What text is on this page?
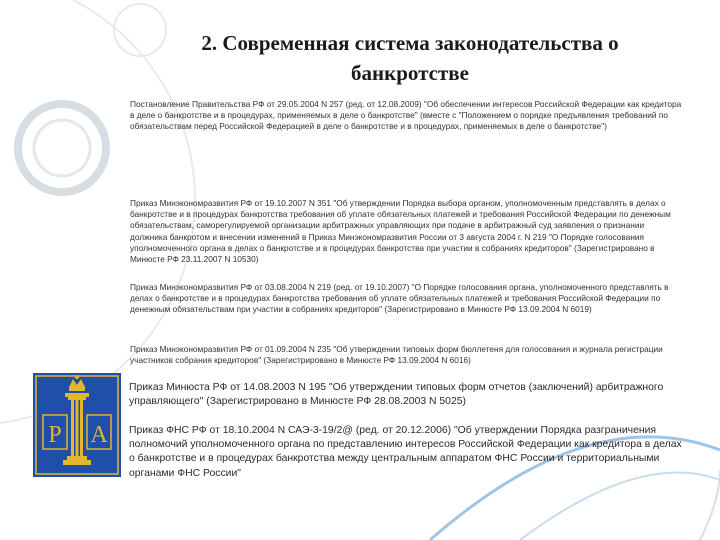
2. Современная система законодательства о
банкротстве

Постановление Правительства РФ от 29.05.2004 N 257 (ред. от 12.08.2009) "Об обеспечении интересов Российской Федерации как кредитора в деле о банкротстве и в процедурах, применяемых в деле о банкротстве" (вместе с "Положением о порядке предъявления требований по обязательствам перед Российской Федерацией в деле о банкротстве и в процедурах, применяемых в деле о банкротстве")

Приказ Минэкономразвития РФ от 19.10.2007 N 351 "Об утверждении Порядка выбора органом, уполномоченным представлять в делах о банкротстве и в процедурах банкротства требования об уплате обязательных платежей и требования Российской Федерации по денежным обязательствам, саморегулируемой организации арбитражных управляющих при подаче в арбитражный суд заявления о признании должника банкротом и внесении изменений в Приказ Минэкономразвития России от 3 августа 2004 г. N 219 "О Порядке голосования уполномоченного органа в делах о банкротстве и в процедурах банкротства при участии в собраниях кредиторов" (Зарегистрировано в Минюсте РФ 23.11.2007 N 10530)

Приказ Минэкономразвития РФ от 03.08.2004 N 219 (ред. от 19.10.2007) "О Порядке голосования органа, уполномоченного представлять в делах о банкротстве и в процедурах банкротства требования об уплате обязательных платежей и требования Российской Федерации по денежным обязательствам при участии в собраниях кредиторов" (Зарегистрировано в Минюсте РФ 13.09.2004 N 6019)

Приказ Минэкономразвития РФ от 01.09.2004 N 235 "Об утверждении типовых форм бюллетеня для голосования и журнала регистрации участников собрания кредиторов" (Зарегистрировано в Минюсте РФ 13.09.2004 N 6016)

Приказ Минюста РФ от 14.08.2003 N 195 "Об утверждении типовых форм отчетов (заключений) арбитражного управляющего" (Зарегистрировано в Минюсте РФ 28.08.2003 N 5025)

Приказ ФНС РФ от 18.10.2004 N САЭ-3-19/2@ (ред. от 20.12.2006) "Об утверждении Порядка разграничения полномочий уполномоченного органа по представлению интересов Российской Федерации как кредитора в делах о банкротстве и в процедурах банкротства между центральным аппаратом ФНС России и территориальными органами ФНС России"

Р А
